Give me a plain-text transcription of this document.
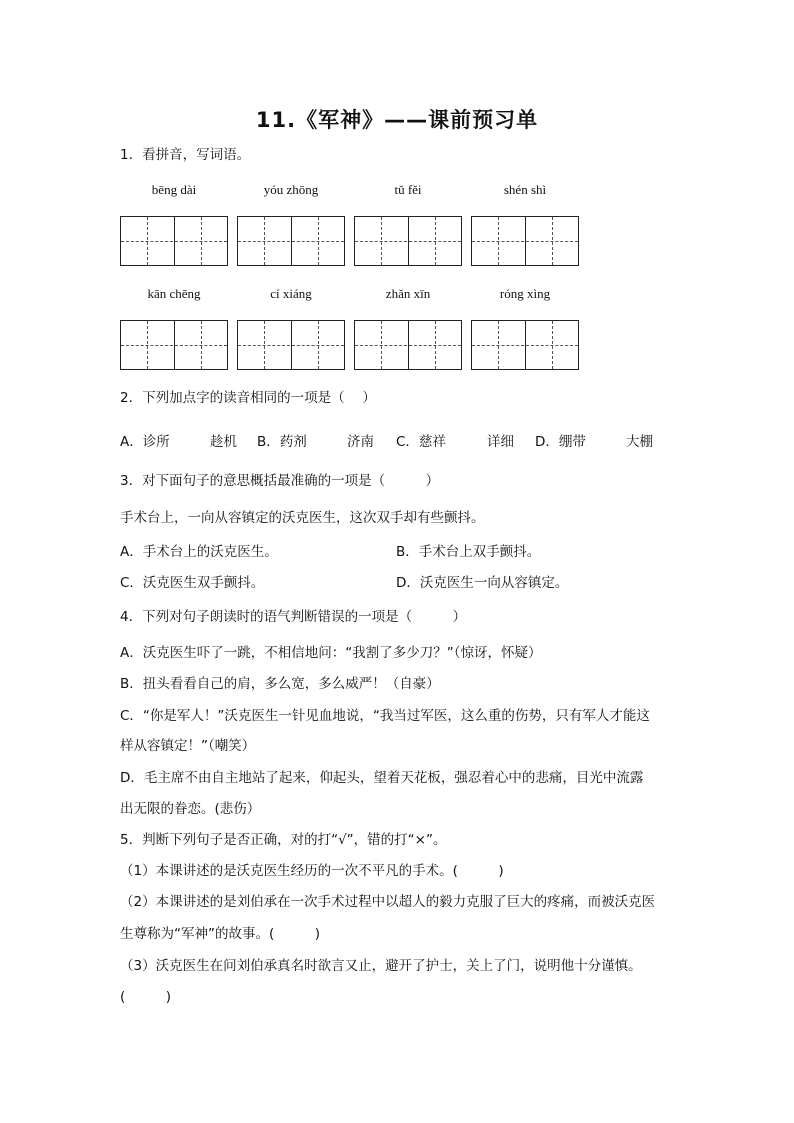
11.《军神》——课前预习单
1．看拼音，写词语。
bēng dài	yóu zhōng	tǔ fěi	shén shì
kān chēng	cí xiáng	zhǎn xīn	róng xìng
2．下列加点字的读音相同的一项是（　 ）
A．诊所	趁机 B．药剂	济南 C．慈祥	详细 D．绷带	大棚
3．对下面句子的意思概括最准确的一项是（　　　）
手术台上，一向从容镇定的沃克医生，这次双手却有些颤抖。
A．手术台上的沃克医生。	B．手术台上双手颤抖。
C．沃克医生双手颤抖。	D．沃克医生一向从容镇定。
4．下列对句子朗读时的语气判断错误的一项是（　　　）
A．沃克医生吓了一跳，不相信地问：“我割了多少刀？”（惊讶，怀疑）
B．扭头看看自己的肩，多么宽，多么威严！（自豪）
C．“你是军人！”沃克医生一针见血地说，“我当过军医，这么重的伤势，只有军人才能这
样从容镇定！”（嘲笑）
D．毛主席不由自主地站了起来，仰起头，望着天花板，强忍着心中的悲痛，目光中流露
出无限的眷恋。(悲伤）
5．判断下列句子是否正确，对的打“√”，错的打“×”。
（1）本课讲述的是沃克医生经历的一次不平凡的手术。(　　　)
（2）本课讲述的是刘伯承在一次手术过程中以超人的毅力克服了巨大的疼痛，而被沃克医
生尊称为“军神”的故事。(　　　)
（3）沃克医生在问刘伯承真名时欲言又止，避开了护士，关上了门，说明他十分谨慎。
(　　　)
